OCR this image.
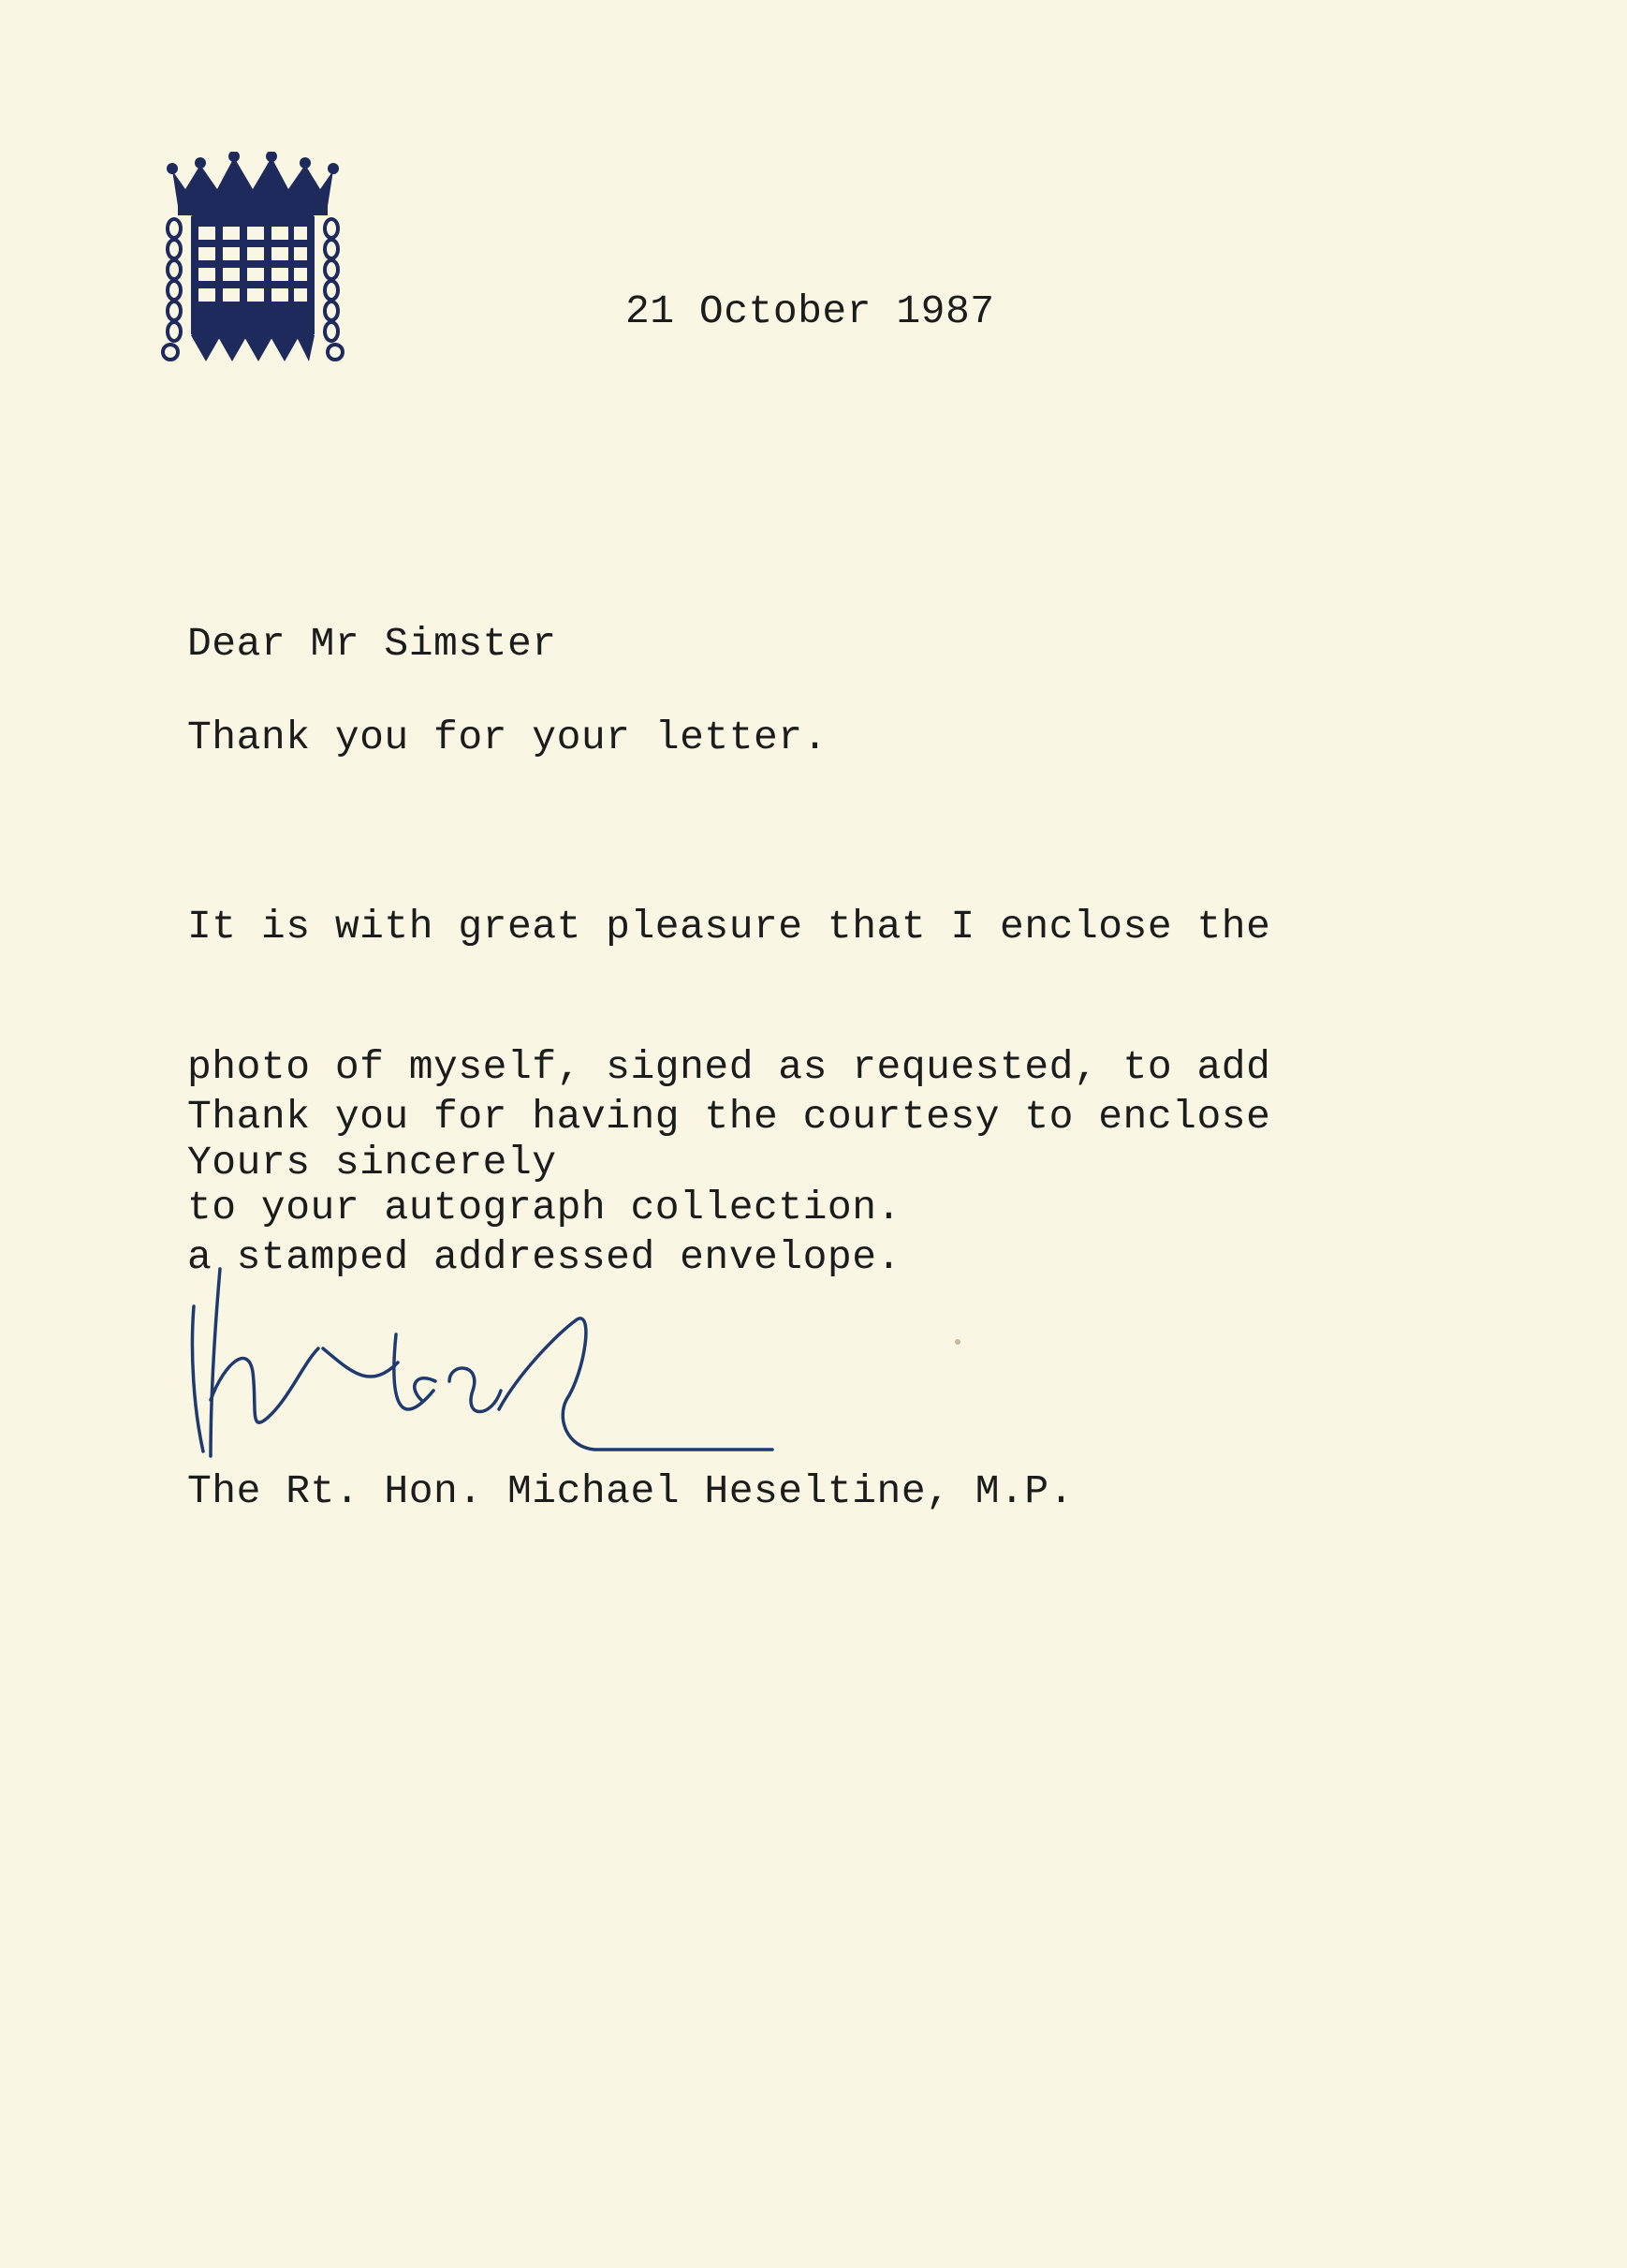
21 October 1987
Dear Mr Simster
Thank you for your letter.

It is with great pleasure that I enclose the

photo of myself, signed as requested, to add

to your autograph collection.

Thank you for having the courtesy to enclose

a stamped addressed envelope.

Yours sincerely
The Rt. Hon. Michael Heseltine, M.P.
